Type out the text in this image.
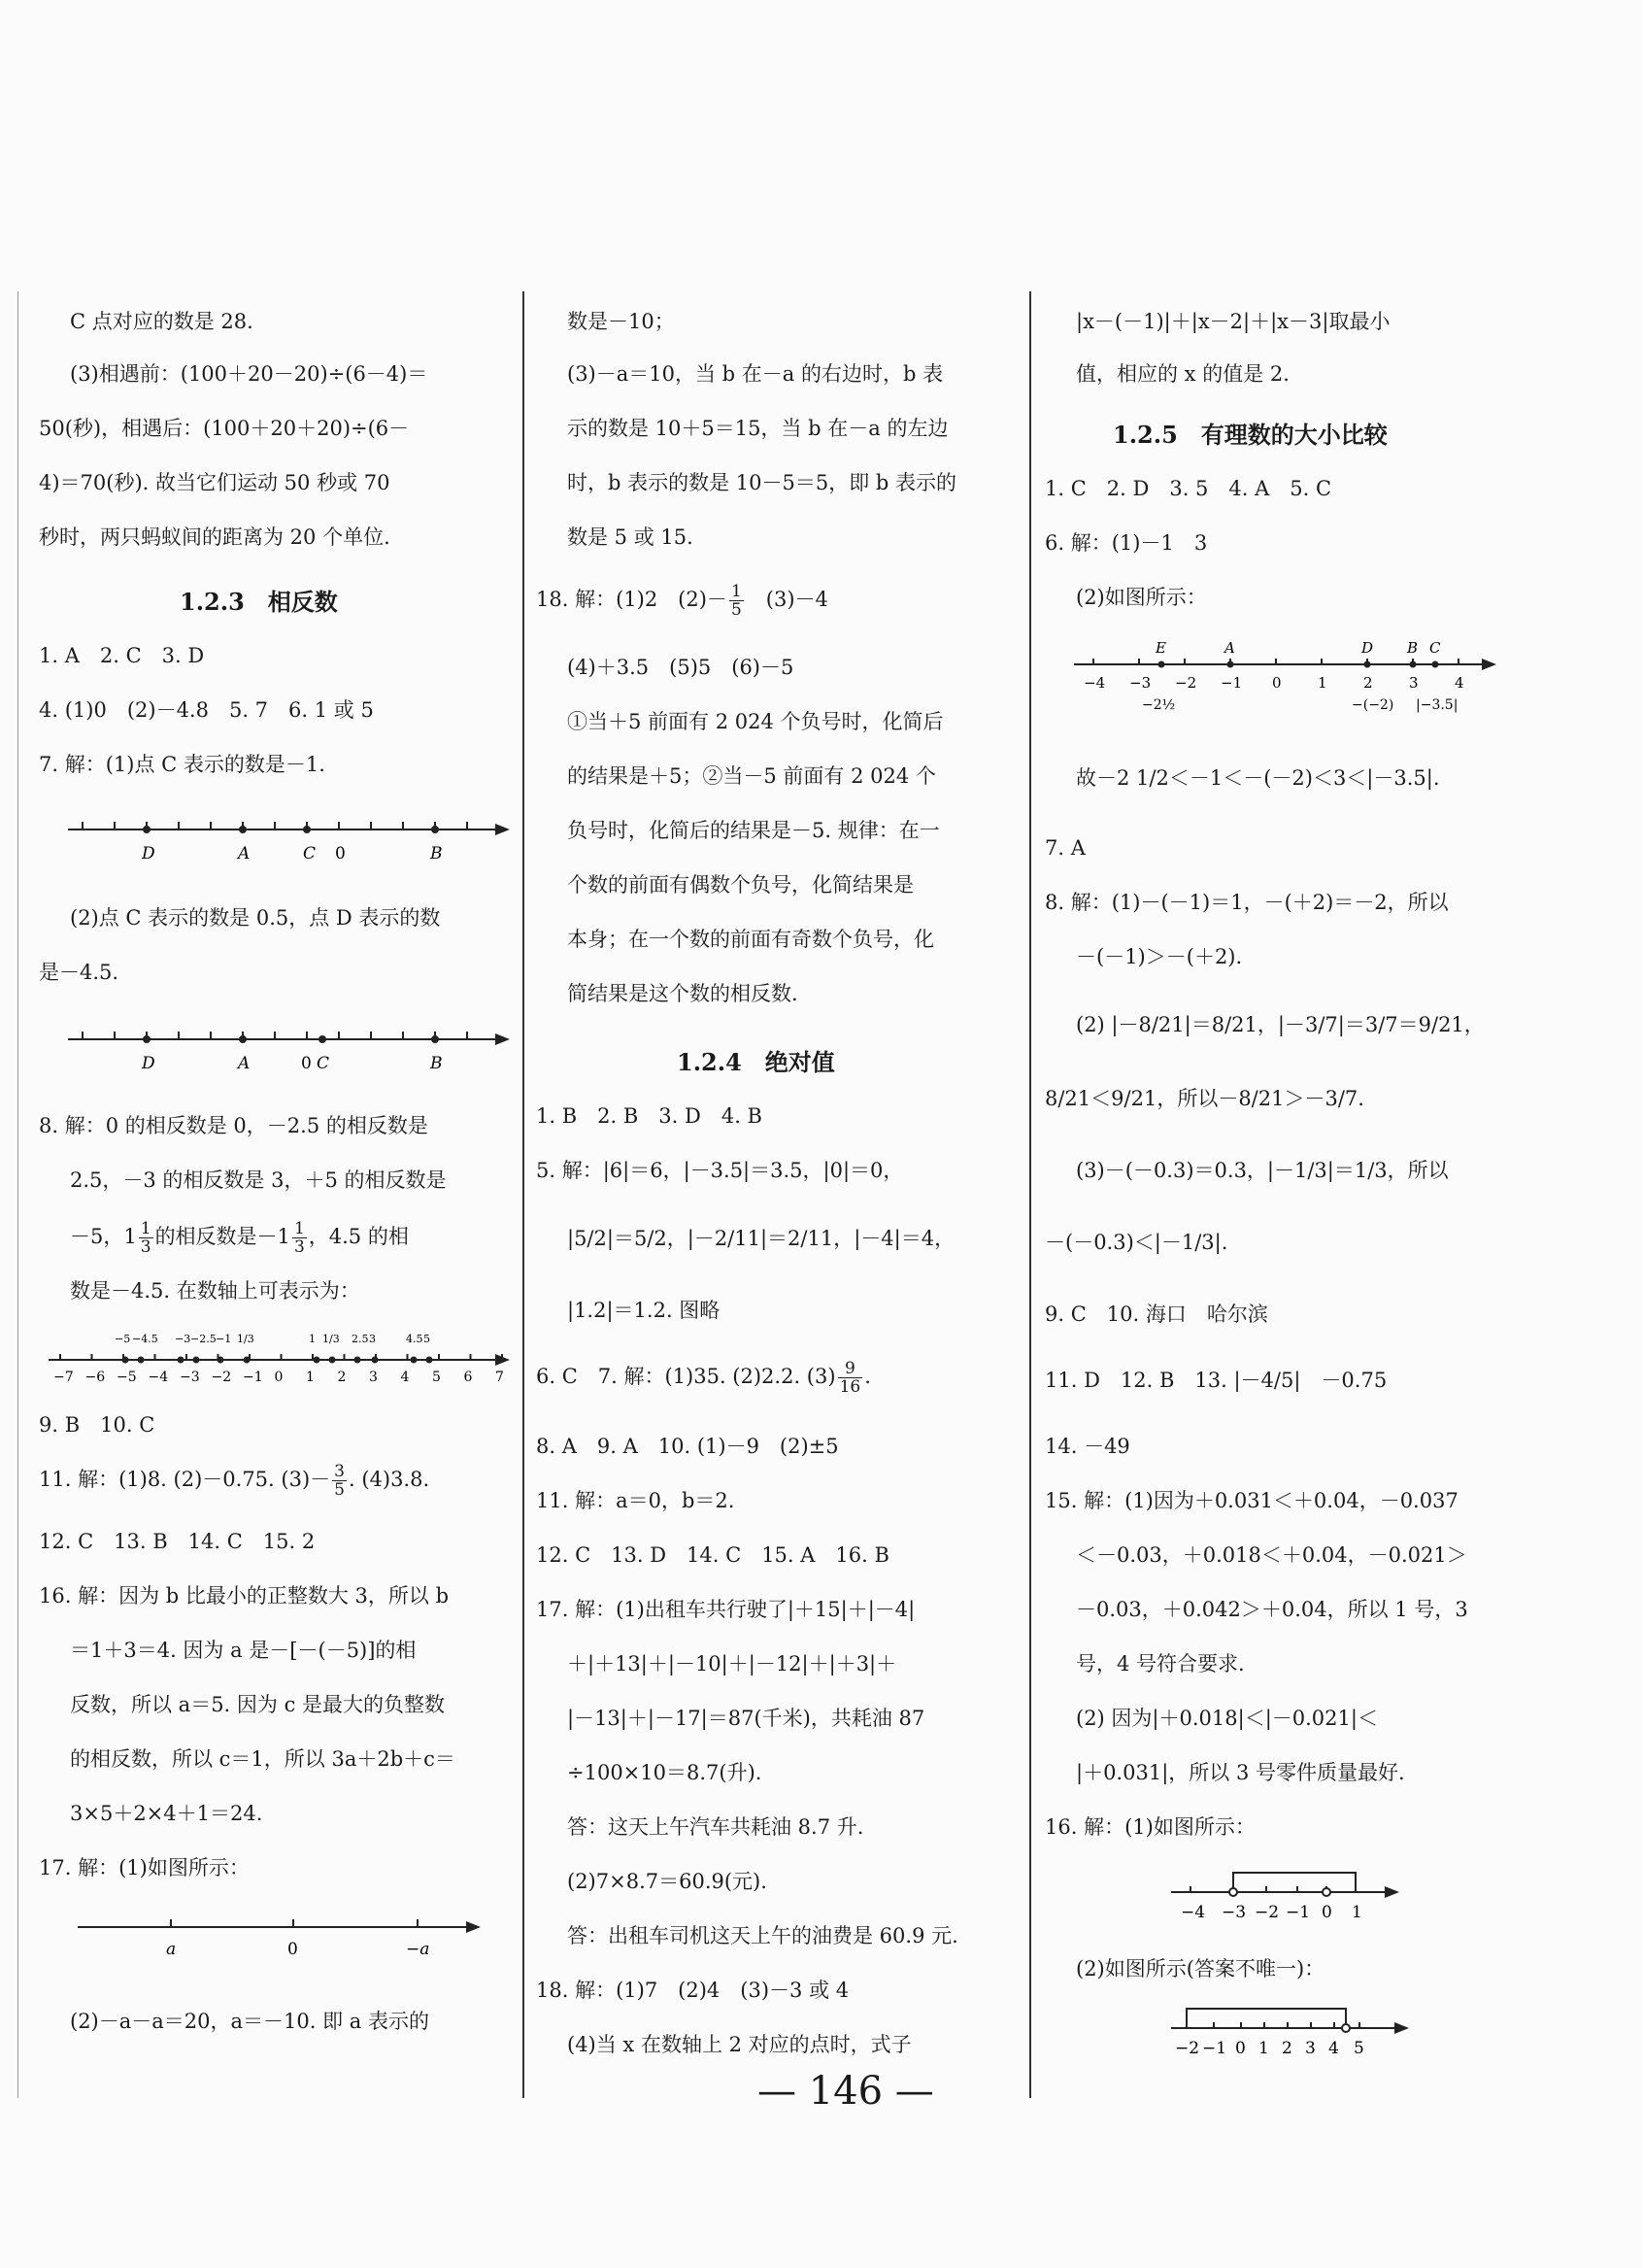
C 点对应的数是 28.
(3)相遇前：(100＋20－20)÷(6－4)＝
50(秒)，相遇后：(100＋20＋20)÷(6－
4)＝70(秒). 故当它们运动 50 秒或 70
秒时，两只蚂蚁间的距离为 20 个单位.
1.2.3　相反数
1. A　2. C　3. D
4. (1)0　(2)－4.8　5. 7　6. 1 或 5
7. 解：(1)点 C 表示的数是－1.
D	A	C 0	B
(2)点 C 表示的数是 0.5，点 D 表示的数
是－4.5.
D	A	0 C	B
8. 解：0 的相反数是 0，－2.5 的相反数是
2.5，－3 的相反数是 3，＋5 的相反数是
－5，$1 \frac{1}{3}$ 的相反数是$-1 \frac{1}{3}$ ，4.5 的相
数是－4.5. 在数轴上可表示为：
−7 −6 −5 −4 −3 −2 −1 0 1 2 3 4 5 6 7
−5 −4.5 −3 −2.5 −1 1/3	1 1/3 2.5 3	4.5 5
9. B　10. C
11. 解：(1)8. (2)－0.75. $(3)- \frac{3}{5}$ . (4)3.8.
12. C　13. B　14. C　15. 2
16. 解：因为 b 比最小的正整数大 3，所以 b
＝1＋3＝4. 因为 a 是－[－(－5)]的相
反数，所以 a＝5. 因为 c 是最大的负整数
的相反数，所以 c＝1，所以 3a＋2b＋c＝
3×5＋2×4＋1＝24.
17. 解：(1)如图所示：
a	0	−a
(2)－a－a＝20，a＝－10. 即 a 表示的
数是－10；
(3)－a＝10，当 b 在－a 的右边时，b 表
示的数是 10＋5＝15，当 b 在－a 的左边
时，b 表示的数是 10－5＝5，即 b 表示的
数是 5 或 15.
18. 解：(1)2　$(2)- \frac{1}{5}$ 　(3)－4
(4)＋3.5　(5)5　(6)－5
①当＋5 前面有 2 024 个负号时，化简后
的结果是＋5；②当－5 前面有 2 024 个
负号时，化简后的结果是－5. 规律：在一
个数的前面有偶数个负号，化简结果是
本身；在一个数的前面有奇数个负号，化
简结果是这个数的相反数.
1.2.4　绝对值
1. B　2. B　3. D　4. B
5. 解：|6|＝6，|－3.5|＝3.5，|0|＝0，
|5/2|＝5/2，|－2/11|＝2/11，|－4|＝4，
|1.2|＝1.2. 图略
6. C　7. 解：(1)35. (2)2.2. $(3) \frac{9}{16}$ .
8. A　9. A　10. (1)－9　(2)±5
11. 解：a＝0，b＝2.
12. C　13. D　14. C　15. A　16. B
17. 解：(1)出租车共行驶了|＋15|＋|－4|
＋|＋13|＋|－10|＋|－12|＋|＋3|＋
|－13|＋|－17|＝87(千米)，共耗油 87
÷100×10＝8.7(升).
答：这天上午汽车共耗油 8.7 升.
(2)7×8.7＝60.9(元).
答：出租车司机这天上午的油费是 60.9 元.
18. 解：(1)7　(2)4　(3)－3 或 4
(4)当 x 在数轴上 2 对应的点时，式子
|x－(－1)|＋|x－2|＋|x－3|取最小
值，相应的 x 的值是 2.
1.2.5　有理数的大小比较
1. C　2. D　3. 5　4. A　5. C
6. 解：(1)－1　3
(2)如图所示：
E	A	D B C
−4 −3 −2 −1 0 1 2 3 4
−2½	−(−2) |−3.5|
故－2 1/2＜－1＜－(－2)＜3＜|－3.5|.
7. A
8. 解：(1)－(－1)＝1，－(＋2)＝－2，所以
－(－1)＞－(＋2).
(2) |－8/21|＝8/21，|－3/7|＝3/7＝9/21，
8/21＜9/21，所以－8/21＞－3/7.
(3)－(－0.3)＝0.3，|－1/3|＝1/3，所以
－(－0.3)＜|－1/3|.
9. C　10. 海口　哈尔滨
11. D　12. B　13. |－4/5|　－0.75
14. －49
15. 解：(1)因为＋0.031＜＋0.04，－0.037
＜－0.03，＋0.018＜＋0.04，－0.021＞
－0.03，＋0.042＞＋0.04，所以 1 号，3
号，4 号符合要求.
(2) 因为|＋0.018|＜|－0.021|＜
|＋0.031|，所以 3 号零件质量最好.
16. 解：(1)如图所示：
−4 −3 −2 −1 0 1
(2)如图所示(答案不唯一)：
−2 −1 0 1 2 3 4 5
— 146 —
